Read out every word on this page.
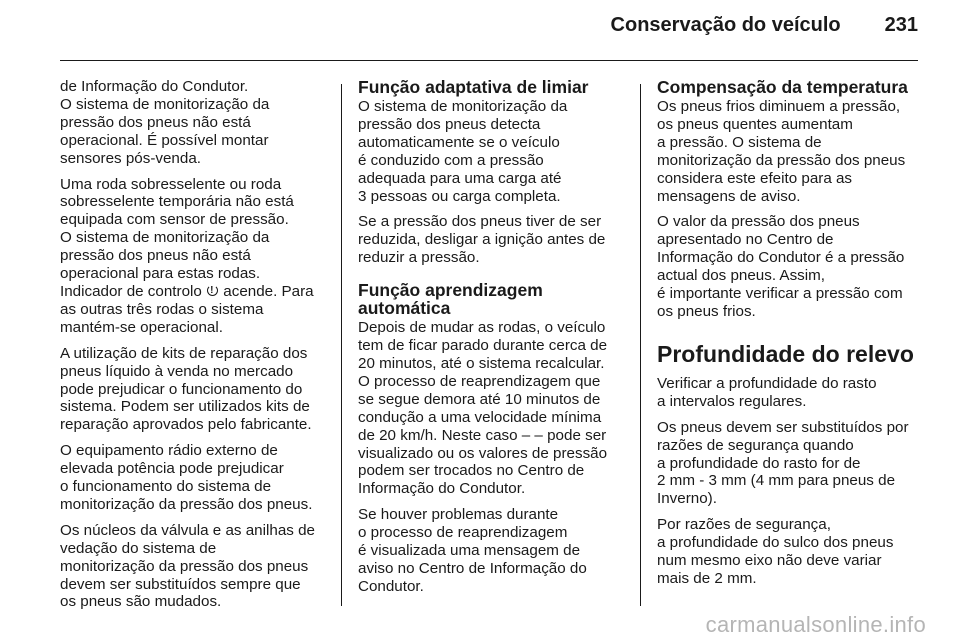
Conservação do veículo 231

de Informação do Condutor.
O sistema de monitorização da
pressão dos pneus não está
operacional. É possível montar
sensores pós-venda.

Uma roda sobresselente ou roda
sobresselente temporária não está
equipada com sensor de pressão.
O sistema de monitorização da
pressão dos pneus não está
operacional para estas rodas.
Indicador de controlo ! acende. Para
as outras três rodas o sistema
mantém-se operacional.

A utilização de kits de reparação dos
pneus líquido à venda no mercado
pode prejudicar o funcionamento do
sistema. Podem ser utilizados kits de
reparação aprovados pelo fabricante.

O equipamento rádio externo de
elevada potência pode prejudicar
o funcionamento do sistema de
monitorização da pressão dos pneus.

Os núcleos da válvula e as anilhas de
vedação do sistema de
monitorização da pressão dos pneus
devem ser substituídos sempre que
os pneus são mudados.

Função adaptativa de limiar

O sistema de monitorização da
pressão dos pneus detecta
automaticamente se o veículo
é conduzido com a pressão
adequada para uma carga até
3 pessoas ou carga completa.

Se a pressão dos pneus tiver de ser
reduzida, desligar a ignição antes de
reduzir a pressão.

Função aprendizagem
automática

Depois de mudar as rodas, o veículo
tem de ficar parado durante cerca de
20 minutos, até o sistema recalcular.
O processo de reaprendizagem que
se segue demora até 10 minutos de
condução a uma velocidade mínima
de 20 km/h. Neste caso – – pode ser
visualizado ou os valores de pressão
podem ser trocados no Centro de
Informação do Condutor.

Se houver problemas durante
o processo de reaprendizagem
é visualizada uma mensagem de
aviso no Centro de Informação do
Condutor.

Compensação da temperatura

Os pneus frios diminuem a pressão,
os pneus quentes aumentam
a pressão. O sistema de
monitorização da pressão dos pneus
considera este efeito para as
mensagens de aviso.

O valor da pressão dos pneus
apresentado no Centro de
Informação do Condutor é a pressão
actual dos pneus. Assim,
é importante verificar a pressão com
os pneus frios.

Profundidade do relevo

Verificar a profundidade do rasto
a intervalos regulares.

Os pneus devem ser substituídos por
razões de segurança quando
a profundidade do rasto for de
2 mm - 3 mm (4 mm para pneus de
Inverno).

Por razões de segurança,
a profundidade do sulco dos pneus
num mesmo eixo não deve variar
mais de 2 mm.

carmanualsonline.info
